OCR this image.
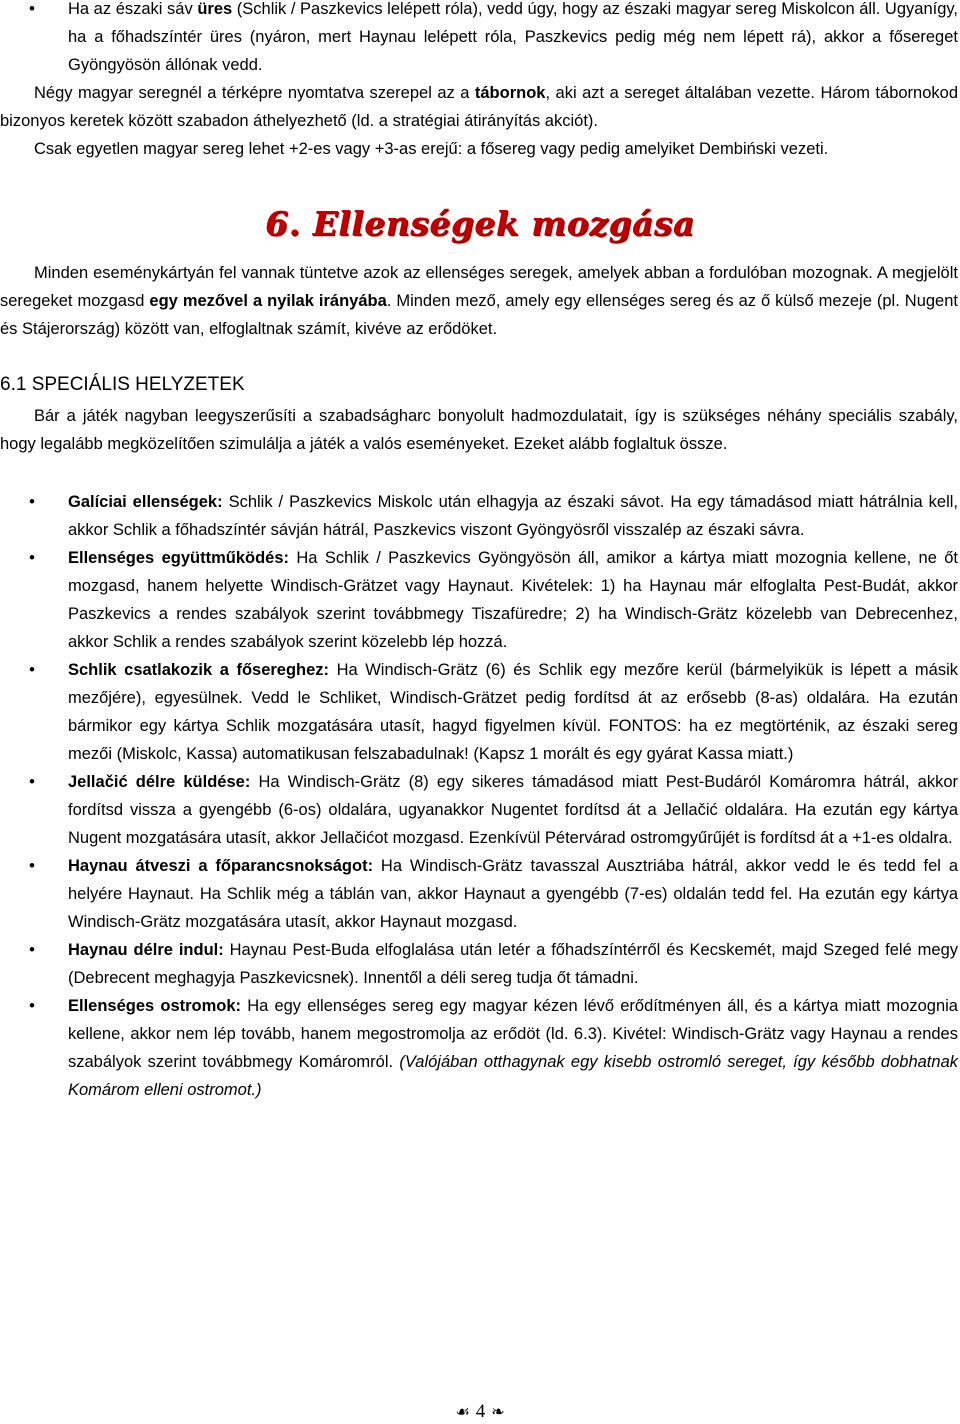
• Ha az északi sáv üres (Schlik / Paszkevics lelépett róla), vedd úgy, hogy az északi magyar sereg Miskolcon áll. Ugyanígy, ha a főhadszíntér üres (nyáron, mert Haynau lelépett róla, Paszkevics pedig még nem lépett rá), akkor a fősereget Gyöngyösön állónak vedd.

Négy magyar seregnél a térképre nyomtatva szerepel az a tábornok, aki azt a sereget általában vezette. Három tábornokod bizonyos keretek között szabadon áthelyezhető (ld. a stratégiai átirányítás akciót).

Csak egyetlen magyar sereg lehet +2-es vagy +3-as erejű: a fősereg vagy pedig amelyiket Dembiński vezeti.

6. Ellenségek mozgása

Minden eseménykártyán fel vannak tüntetve azok az ellenséges seregek, amelyek abban a fordulóban mozognak. A megjelölt seregeket mozgasd egy mezővel a nyilak irányába. Minden mező, amely egy ellenséges sereg és az ő külső mezeje (pl. Nugent és Stájerország) között van, elfoglaltnak számít, kivéve az erődöket.

6.1 SPECIÁLIS HELYZETEK

Bár a játék nagyban leegyszerűsíti a szabadságharc bonyolult hadmozdulatait, így is szükséges néhány speciális szabály, hogy legalább megközelítően szimulálja a játék a valós eseményeket. Ezeket alább foglaltuk össze.

• Galíciai ellenségek: Schlik / Paszkevics Miskolc után elhagyja az északi sávot. Ha egy támadásod miatt hátrálnia kell, akkor Schlik a főhadszíntér sávján hátrál, Paszkevics viszont Gyöngyösről visszalép az északi sávra.
• Ellenséges együttműködés: Ha Schlik / Paszkevics Gyöngyösön áll, amikor a kártya miatt mozognia kellene, ne őt mozgasd, hanem helyette Windisch-Grätzet vagy Haynaut. Kivételek: 1) ha Haynau már elfoglalta Pest-Budát, akkor Paszkevics a rendes szabályok szerint továbbmegy Tiszafüredre; 2) ha Windisch-Grätz közelebb van Debrecenhez, akkor Schlik a rendes szabályok szerint közelebb lép hozzá.
• Schlik csatlakozik a fősereghez: Ha Windisch-Grätz (6) és Schlik egy mezőre kerül (bármelyikük is lépett a másik mezőjére), egyesülnek. Vedd le Schliket, Windisch-Grätzet pedig fordítsd át az erősebb (8-as) oldalára. Ha ezután bármikor egy kártya Schlik mozgatására utasít, hagyd figyelmen kívül. FONTOS: ha ez megtörténik, az északi sereg mezői (Miskolc, Kassa) automatikusan felszabadulnak! (Kapsz 1 morált és egy gyárat Kassa miatt.)
• Jellačić délre küldése: Ha Windisch-Grätz (8) egy sikeres támadásod miatt Pest-Budáról Komáromra hátrál, akkor fordítsd vissza a gyengébb (6-os) oldalára, ugyanakkor Nugentet fordítsd át a Jellačić oldalára. Ha ezután egy kártya Nugent mozgatására utasít, akkor Jellačićot mozgasd. Ezenkívül Pétervárad ostromgyűrűjét is fordítsd át a +1-es oldalra.
• Haynau átveszi a főparancsnokságot: Ha Windisch-Grätz tavasszal Ausztriába hátrál, akkor vedd le és tedd fel a helyére Haynaut. Ha Schlik még a táblán van, akkor Haynaut a gyengébb (7-es) oldalán tedd fel. Ha ezután egy kártya Windisch-Grätz mozgatására utasít, akkor Haynaut mozgasd.
• Haynau délre indul: Haynau Pest-Buda elfoglalása után letér a főhadszíntérről és Kecskemét, majd Szeged felé megy (Debrecent meghagyja Paszkevicsnek). Innentől a déli sereg tudja őt támadni.
• Ellenséges ostromok: Ha egy ellenséges sereg egy magyar kézen lévő erődítményen áll, és a kártya miatt mozognia kellene, akkor nem lép tovább, hanem megostromolja az erődöt (ld. 6.3). Kivétel: Windisch-Grätz vagy Haynau a rendes szabályok szerint továbbmegy Komáromról. (Valójában otthagynak egy kisebb ostromló sereget, így később dobhatnak Komárom elleni ostromot.)
☙ 4 ❧
